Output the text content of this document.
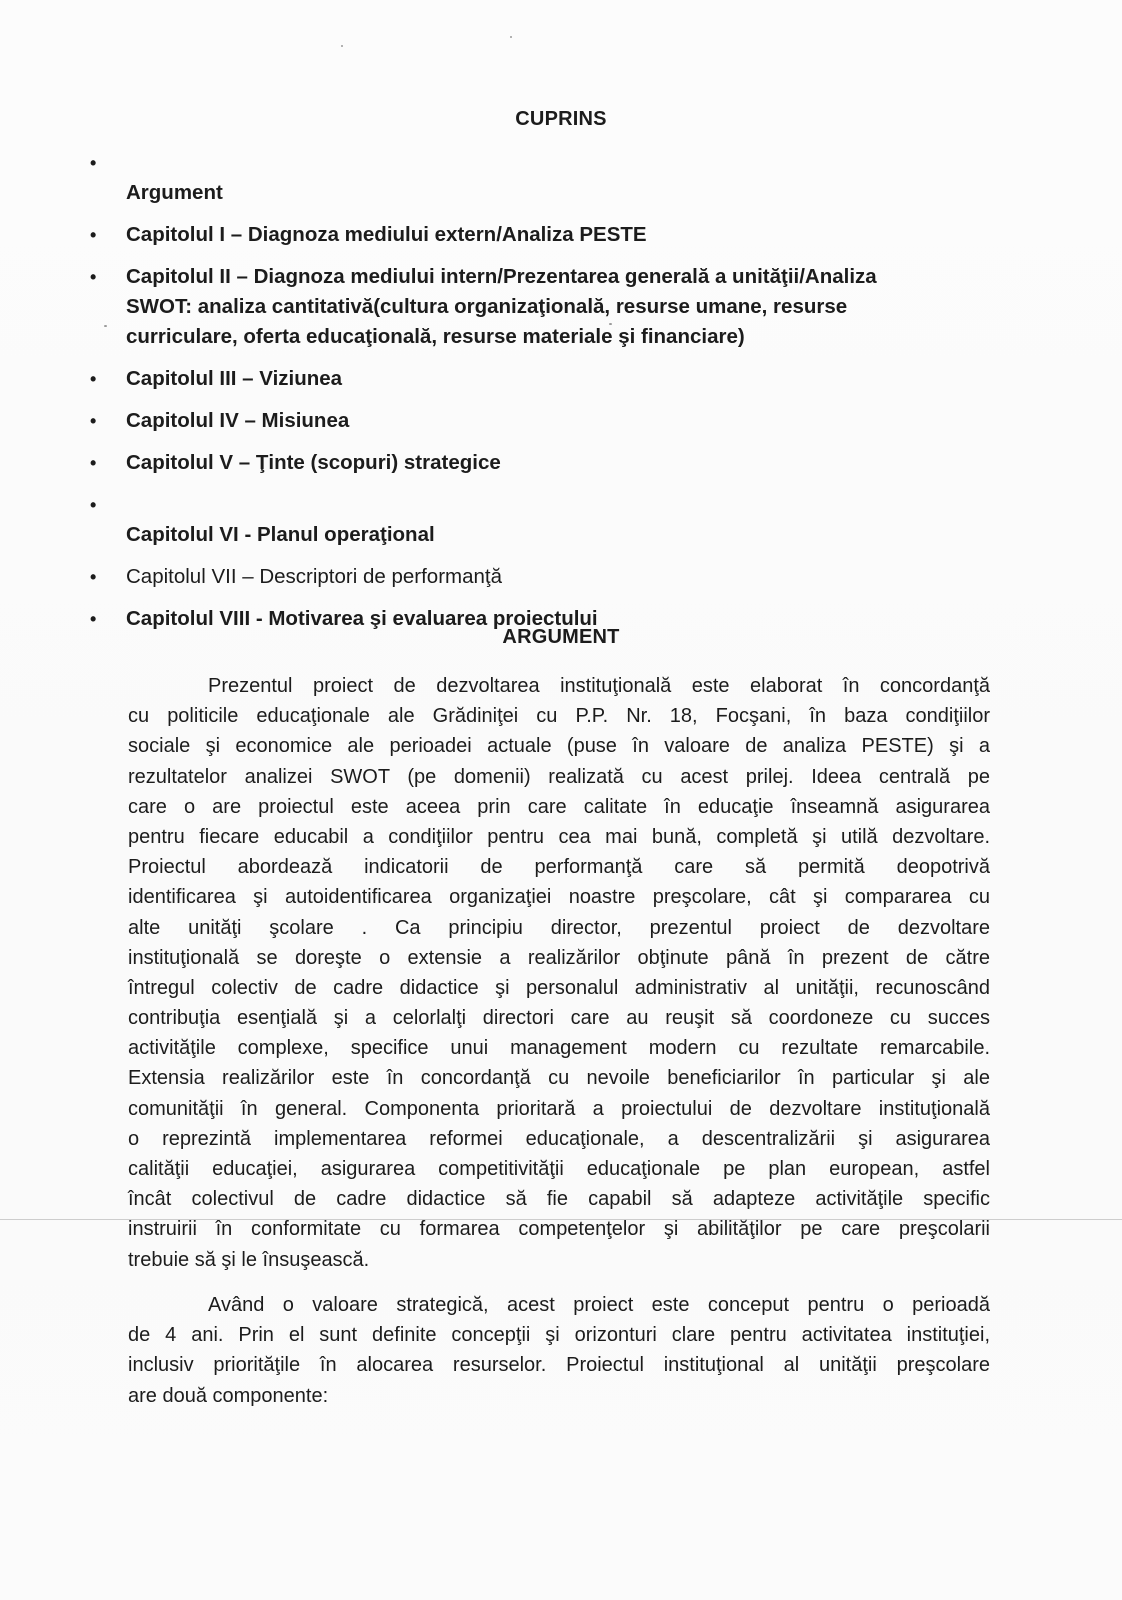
CUPRINS
•
Argument
• Capitolul I – Diagnoza mediului extern/Analiza PESTE
• Capitolul II – Diagnoza mediului intern/Prezentarea generală a unităţii/Analiza
SWOT: analiza cantitativă(cultura organizaţională, resurse umane, resurse
curriculare, oferta educaţională, resurse materiale şi financiare)
• Capitolul III – Viziunea
• Capitolul IV – Misiunea
• Capitolul V – Ţinte (scopuri) strategice
•
Capitolul VI - Planul operaţional
• Capitolul VII – Descriptori de performanţă
• Capitolul VIII - Motivarea şi evaluarea proiectului
ARGUMENT
Prezentul proiect de dezvoltarea instituţională este elaborat în concordanţă
cu politicile educaţionale ale Grădiniţei cu P.P. Nr. 18, Focşani, în baza condiţiilor
sociale şi economice ale perioadei actuale (puse în valoare de analiza PESTE) şi a
rezultatelor analizei SWOT (pe domenii) realizată cu acest prilej. Ideea centrală pe
care o are proiectul este aceea prin care calitate în educaţie înseamnă asigurarea
pentru fiecare educabil a condiţiilor pentru cea mai bună, completă şi utilă dezvoltare.
Proiectul abordează indicatorii de performanţă care să permită deopotrivă
identificarea şi autoidentificarea organizaţiei noastre preşcolare, cât şi compararea cu
alte unităţi şcolare . Ca principiu director, prezentul proiect de dezvoltare
instituţională se doreşte o extensie a realizărilor obţinute până în prezent de către
întregul colectiv de cadre didactice şi personalul administrativ al unităţii, recunoscând
contribuţia esenţială şi a celorlalţi directori care au reuşit să coordoneze cu succes
activităţile complexe, specifice unui management modern cu rezultate remarcabile.
Extensia realizărilor este în concordanţă cu nevoile beneficiarilor în particular şi ale
comunităţii în general. Componenta prioritară a proiectului de dezvoltare instituţională
o reprezintă implementarea reformei educaţionale, a descentralizării şi asigurarea
calităţii educaţiei, asigurarea competitivităţii educaţionale pe plan european, astfel
încât colectivul de cadre didactice să fie capabil să adapteze activităţile specific
instruirii în conformitate cu formarea competenţelor şi abilităţilor pe care preşcolarii
trebuie să şi le însuşească.
Având o valoare strategică, acest proiect este conceput pentru o perioadă
de 4 ani. Prin el sunt definite concepţii şi orizonturi clare pentru activitatea instituţiei,
inclusiv priorităţile în alocarea resurselor. Proiectul instituţional al unităţii preşcolare
are două componente:
